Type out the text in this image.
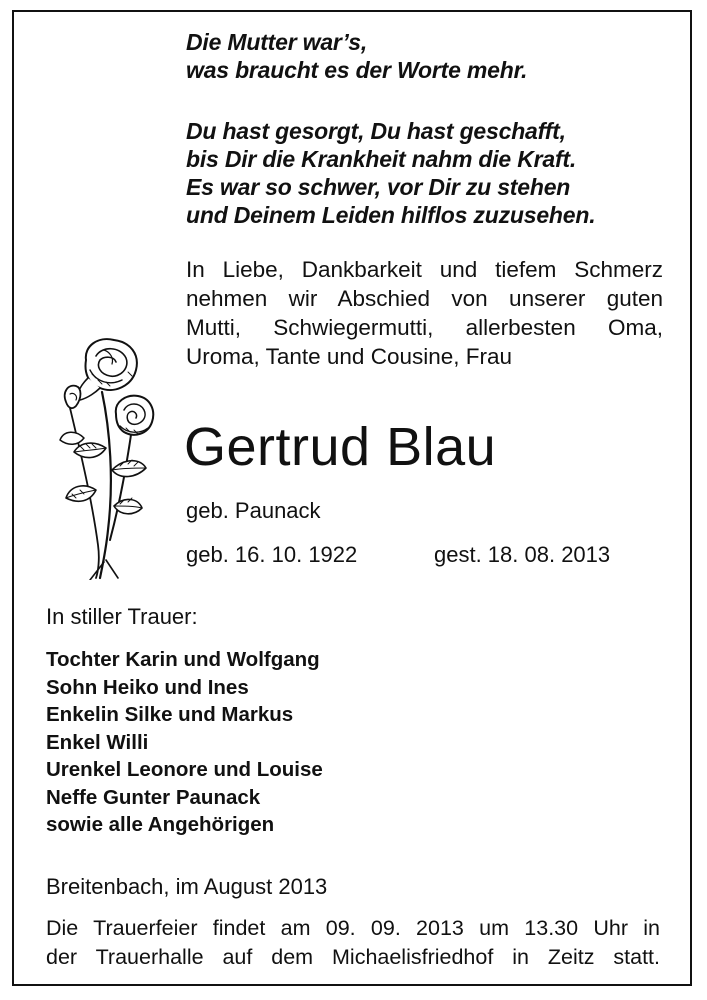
Die Mutter war’s,
was braucht es der Worte mehr.

Du hast gesorgt, Du hast geschafft,
bis Dir die Krankheit nahm die Kraft.
Es war so schwer, vor Dir zu stehen
und Deinem Leiden hilflos zuzusehen.

In Liebe, Dankbarkeit und tiefem Schmerz
nehmen wir Abschied von unserer guten
Mutti, Schwiegermutti, allerbesten Oma,
Uroma, Tante und Cousine, Frau

Gertrud Blau
geb. Paunack
geb. 16. 10. 1922	gest. 18. 08. 2013
In stiller Trauer:
Tochter Karin und Wolfgang
Sohn Heiko und Ines
Enkelin Silke und Markus
Enkel Willi
Urenkel Leonore und Louise
Neffe Gunter Paunack
sowie alle Angehörigen
Breitenbach, im August 2013

Die Trauerfeier findet am 09. 09. 2013 um 13.30 Uhr in
der Trauerhalle auf dem Michaelisfriedhof in Zeitz statt.
